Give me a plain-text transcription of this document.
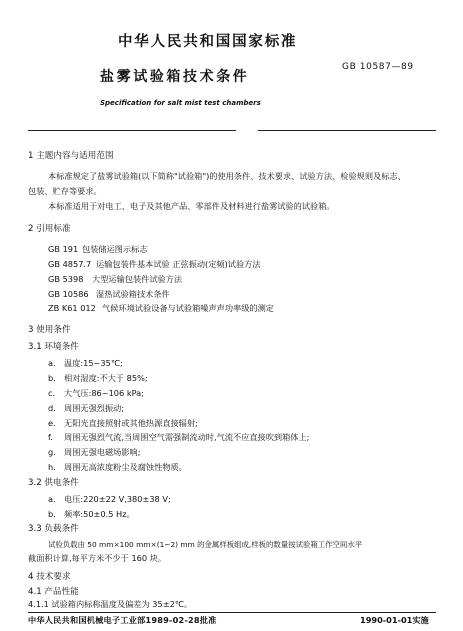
中华人民共和国国家标准
盐雾试验箱技术条件
GB 10587—89
Specification for salt mist test chambers
1 主题内容与适用范围
本标准规定了盐雾试验箱(以下简称"试验箱")的使用条件、技术要求、试验方法、检验规则及标志、
包装、贮存等要求。
本标准适用于对电工、电子及其他产品、零部件及材料进行盐雾试验的试验箱。
2 引用标准
GB 191 包装储运图示标志
GB 4857.7 运输包装件基本试验 正弦振动(定频)试验方法
GB 5398 大型运输包装件试验方法
GB 10586 湿热试验箱技术条件
ZB K61 012 气候环境试验设备与试验箱噪声声功率级的测定
3 使用条件
3.1 环境条件
a. 温度:15~35℃;
b. 相对湿度:不大于 85%;
c. 大气压:86~106 kPa;
d. 周围无强烈振动;
e. 无阳光直接照射或其他热源直接辐射;
f. 周围无强烈气流,当周围空气需强制流动时,气流不应直接吹到箱体上;
g. 周围无强电磁场影响;
h. 周围无高浓度粉尘及腐蚀性物质。
3.2 供电条件
a. 电压:220±22 V,380±38 V;
b. 频率:50±0.5 Hz。
3.3 负载条件
试验负载由 50 mm×100 mm×(1~2) mm 的金属样板组成,样板的数量按试验箱工作空间水平
截面积计算,每平方米不少于 160 块。
4 技术要求
4.1 产品性能
4.1.1 试验箱内标称温度及偏差为 35±2℃。
中华人民共和国机械电子工业部1989-02-28批准	1990-01-01实施
